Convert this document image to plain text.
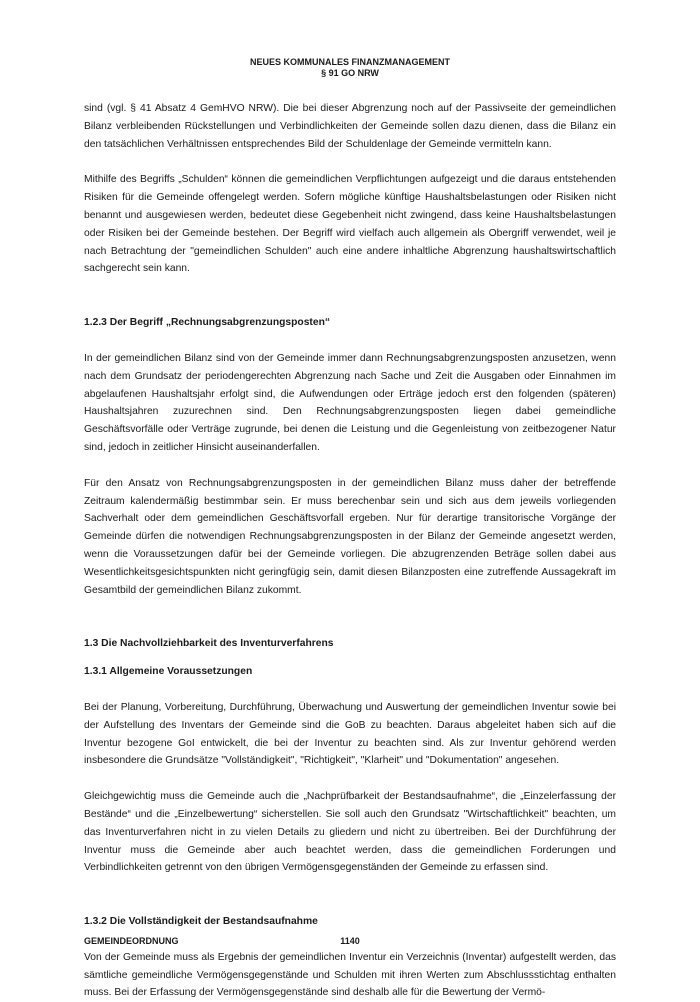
NEUES KOMMUNALES FINANZMANAGEMENT
§ 91 GO NRW

sind (vgl. § 41 Absatz 4 GemHVO NRW). Die bei dieser Abgrenzung noch auf der Passivseite der gemeindlichen Bilanz verbleibenden Rückstellungen und Verbindlichkeiten der Gemeinde sollen dazu dienen, dass die Bilanz ein den tatsächlichen Verhältnissen entsprechendes Bild der Schuldenlage der Gemeinde vermitteln kann.

Mithilfe des Begriffs „Schulden“ können die gemeindlichen Verpflichtungen aufgezeigt und die daraus entstehenden Risiken für die Gemeinde offengelegt werden. Sofern mögliche künftige Haushaltsbelastungen oder Risiken nicht benannt und ausgewiesen werden, bedeutet diese Gegebenheit nicht zwingend, dass keine Haushaltsbelastungen oder Risiken bei der Gemeinde bestehen. Der Begriff wird vielfach auch allgemein als Obergriff verwendet, weil je nach Betrachtung der "gemeindlichen Schulden" auch eine andere inhaltliche Abgrenzung haushaltswirtschaftlich sachgerecht sein kann.

1.2.3 Der Begriff „Rechnungsabgrenzungsposten“

In der gemeindlichen Bilanz sind von der Gemeinde immer dann Rechnungsabgrenzungsposten anzusetzen, wenn nach dem Grundsatz der periodengerechten Abgrenzung nach Sache und Zeit die Ausgaben oder Einnahmen im abgelaufenen Haushaltsjahr erfolgt sind, die Aufwendungen oder Erträge jedoch erst den folgenden (späteren) Haushaltsjahren zuzurechnen sind. Den Rechnungsabgrenzungsposten liegen dabei gemeindliche Geschäftsvorfälle oder Verträge zugrunde, bei denen die Leistung und die Gegenleistung von zeitbezogener Natur sind, jedoch in zeitlicher Hinsicht auseinanderfallen.

Für den Ansatz von Rechnungsabgrenzungsposten in der gemeindlichen Bilanz muss daher der betreffende Zeitraum kalendermäßig bestimmbar sein. Er muss berechenbar sein und sich aus dem jeweils vorliegenden Sachverhalt oder dem gemeindlichen Geschäftsvorfall ergeben. Nur für derartige transitorische Vorgänge der Gemeinde dürfen die notwendigen Rechnungsabgrenzungsposten in der Bilanz der Gemeinde angesetzt werden, wenn die Voraussetzungen dafür bei der Gemeinde vorliegen. Die abzugrenzenden Beträge sollen dabei aus Wesentlichkeitsgesichtspunkten nicht geringfügig sein, damit diesen Bilanzposten eine zutreffende Aussagekraft im Gesamtbild der gemeindlichen Bilanz zukommt.

1.3 Die Nachvollziehbarkeit des Inventurverfahrens
1.3.1 Allgemeine Voraussetzungen

Bei der Planung, Vorbereitung, Durchführung, Überwachung und Auswertung der gemeindlichen Inventur sowie bei der Aufstellung des Inventars der Gemeinde sind die GoB zu beachten. Daraus abgeleitet haben sich auf die Inventur bezogene GoI entwickelt, die bei der Inventur zu beachten sind. Als zur Inventur gehörend werden insbesondere die Grundsätze "Vollständigkeit", "Richtigkeit", "Klarheit" und "Dokumentation" angesehen.

Gleichgewichtig muss die Gemeinde auch die „Nachprüfbarkeit der Bestandsaufnahme“, die „Einzelerfassung der Bestände“ und die „Einzelbewertung“ sicherstellen. Sie soll auch den Grundsatz "Wirtschaftlichkeit" beachten, um das Inventurverfahren nicht in zu vielen Details zu gliedern und nicht zu übertreiben. Bei der Durchführung der Inventur muss die Gemeinde aber auch beachtet werden, dass die gemeindlichen Forderungen und Verbindlichkeiten getrennt von den übrigen Vermögensgegenständen der Gemeinde zu erfassen sind.

1.3.2 Die Vollständigkeit der Bestandsaufnahme

Von der Gemeinde muss als Ergebnis der gemeindlichen Inventur ein Verzeichnis (Inventar) aufgestellt werden, das sämtliche gemeindliche Vermögensgegenstände und Schulden mit ihren Werten zum Abschlussstichtag enthalten muss. Bei der Erfassung der Vermögensgegenstände sind deshalb alle für die Bewertung der Vermö-

GEMEINDEORDNUNG	1140
